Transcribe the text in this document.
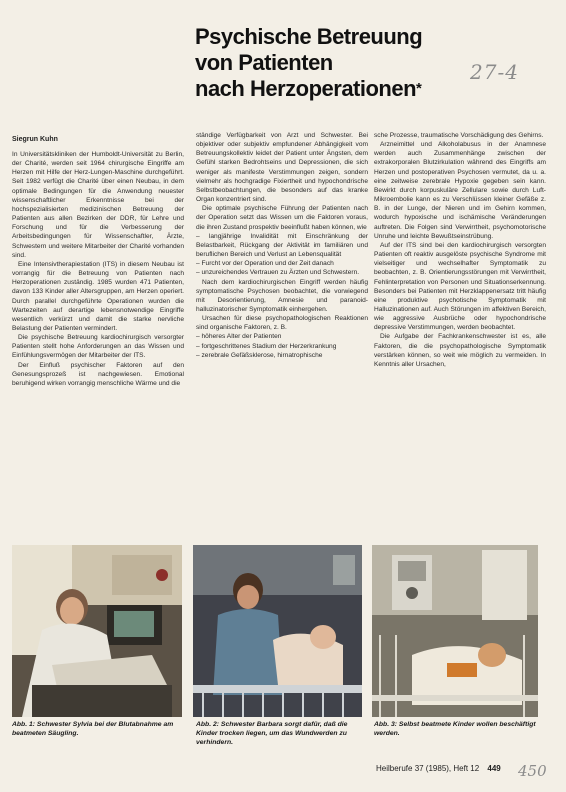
Psychische Betreuung
von Patienten
nach Herzoperationen*
27-4
Siegrun Kuhn

In Universitätskliniken der Humboldt-Universität zu Berlin, der Charité, werden seit 1964 chirurgische Eingriffe am Herzen mit Hilfe der Herz-Lungen-Maschine durchgeführt. Seit 1982 verfügt die Charité über einen Neubau, in dem optimale Bedingungen für die Anwendung neuester wissenschaftlicher Erkenntnisse bei der hochspezialisierten medizinischen Betreuung der Patienten aus allen Bezirken der DDR, für Lehre und Forschung und für die Verbesserung der Arbeitsbedingungen für Wissenschaftler, Ärzte, Schwestern und weitere Mitarbeiter der Charité vorhanden sind.

Eine Intensivtherapiestation (ITS) in diesem Neubau ist vorrangig für die Betreuung von Patienten nach Herzoperationen zuständig. 1985 wurden 471 Patienten, davon 133 Kinder aller Altersgruppen, am Herzen operiert. Durch parallel durchgeführte Operationen wurden die Wartezeiten auf derartige lebensnotwendige Eingriffe wesentlich verkürzt und damit die starke nervliche Belastung der Patienten vermindert.

Die psychische Betreuung kardiochirurgisch versorgter Patienten stellt hohe Anforderungen an das Wissen und Einfühlungsvermögen der Mitarbeiter der ITS.

Der Einfluß psychischer Faktoren auf den Genesungsprozeß ist nachgewiesen. Emotional beruhigend wirken vorrangig menschliche Wärme und die

ständige Verfügbarkeit von Arzt und Schwester. Bei objektiver oder subjektiv empfundener Abhängigkeit vom Betreuungskollektiv leidet der Patient unter Ängsten, dem Gefühl starken Bedrohtseins und Depressionen, die sich weniger als manifeste Verstimmungen zeigen, sondern vielmehr als hochgradige Fixiertheit und hypochondrische Selbstbeobachtungen, die besonders auf das kranke Organ konzentriert sind.

Die optimale psychische Führung der Patienten nach der Operation setzt das Wissen um die Faktoren voraus, die ihren Zustand prospektiv beeinflußt haben können, wie

– langjährige Invalidität mit Einschränkung der Belastbarkeit, Rückgang der Aktivität im familiären und beruflichen Bereich und Verlust an Lebensqualität

– Furcht vor der Operation und der Zeit danach

– unzureichendes Vertrauen zu Ärzten und Schwestern.

Nach dem kardiochirurgischen Eingriff werden häufig symptomatische Psychosen beobachtet, die vorwiegend mit Desorientierung, Amnesie und paranoid-halluzinatorischer Symptomatik einhergehen.

Ursachen für diese psychopathologischen Reaktionen sind organische Faktoren, z. B.

– höheres Alter der Patienten

– fortgeschrittenes Stadium der Herzerkrankung

– zerebrale Gefäßsklerose, hirnatrophische

sche Prozesse, traumatische Vorschädigung des Gehirns.

Arzneimittel und Alkoholabusus in der Anamnese werden auch Zusammenhänge zwischen der extrakorporalen Blutzirkulation während des Eingriffs am Herzen und postoperativen Psychosen vermutet, da u. a. eine zeitweise zerebrale Hypoxie gegeben sein kann. Bewirkt durch korpuskuläre Zellulare sowie durch Luft-Mikroembolie kann es zu Verschlüssen kleiner Gefäße z. B. in der Lunge, der Nieren und im Gehirn kommen, wodurch hypoxische und ischämische Veränderungen auftreten. Die Folgen sind Verwirrtheit, psychomotorische Unruhe und leichte Bewußtseinstrübung.

Auf der ITS sind bei den kardiochirurgisch versorgten Patienten oft reaktiv ausgelöste psychische Syndrome mit vielseitiger und wechselhafter Symptomatik zu beobachten, z. B. Orientierungsstörungen mit Verwirrtheit, Fehlinterpretation von Personen und Situationserkennung. Besonders bei Patienten mit Herzklappenersatz tritt häufig eine produktive psychotische Symptomatik mit Halluzinationen auf. Auch Störungen im affektiven Bereich, wie aggressive Ausbrüche oder hypochondrische depressive Verstimmungen, werden beobachtet.

Die Aufgabe der Fachkrankenschwester ist es, alle Faktoren, die die psychopathologische Symptomatik verstärken können, so weit wie möglich zu vermeiden. In Kenntnis aller Ursachen,

Abb. 1: Schwester Sylvia bei der Blutabnahme am beatmeten Säugling.
Abb. 2: Schwester Barbara sorgt dafür, daß die Kinder trocken liegen, um das Wundwerden zu verhindern.
Abb. 3: Selbst beatmete Kinder wollen beschäftigt werden.
Heilberufe 37 (1985), Heft 12 449 450
